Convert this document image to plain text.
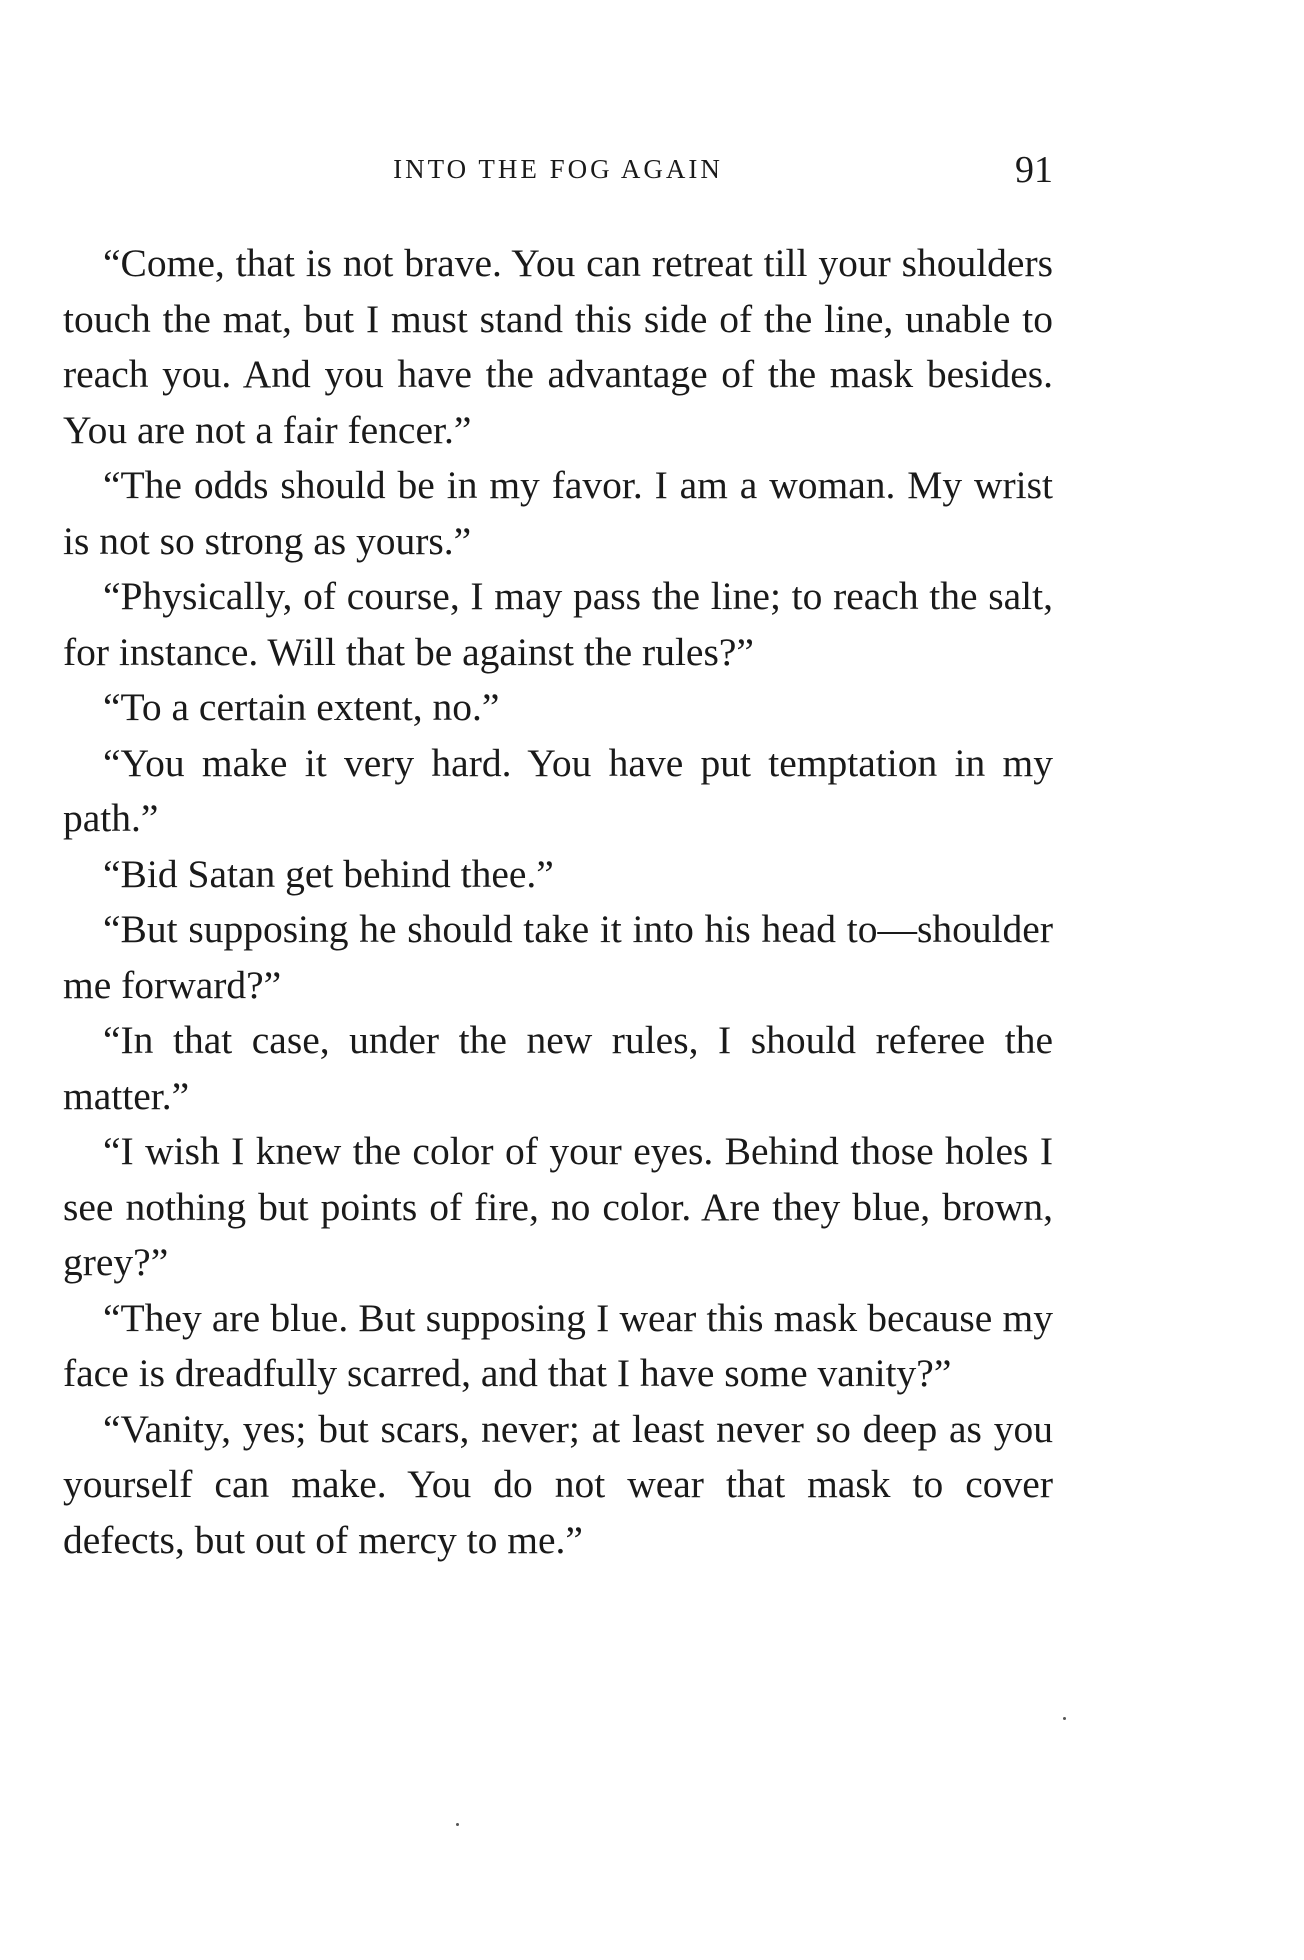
INTO THE FOG AGAIN	91

“Come, that is not brave. You can retreat till your shoulders touch the mat, but I must stand this side of the line, unable to reach you. And you have the advantage of the mask besides. You are not a fair fencer.”

“The odds should be in my favor. I am a woman. My wrist is not so strong as yours.”

“Physically, of course, I may pass the line; to reach the salt, for instance. Will that be against the rules?”

“To a certain extent, no.”

“You make it very hard. You have put temptation in my path.”

“Bid Satan get behind thee.”

“But supposing he should take it into his head to—shoulder me forward?”

“In that case, under the new rules, I should referee the matter.”

“I wish I knew the color of your eyes. Behind those holes I see nothing but points of fire, no color. Are they blue, brown, grey?”

“They are blue. But supposing I wear this mask because my face is dreadfully scarred, and that I have some vanity?”

“Vanity, yes; but scars, never; at least never so deep as you yourself can make. You do not wear that mask to cover defects, but out of mercy to me.”
